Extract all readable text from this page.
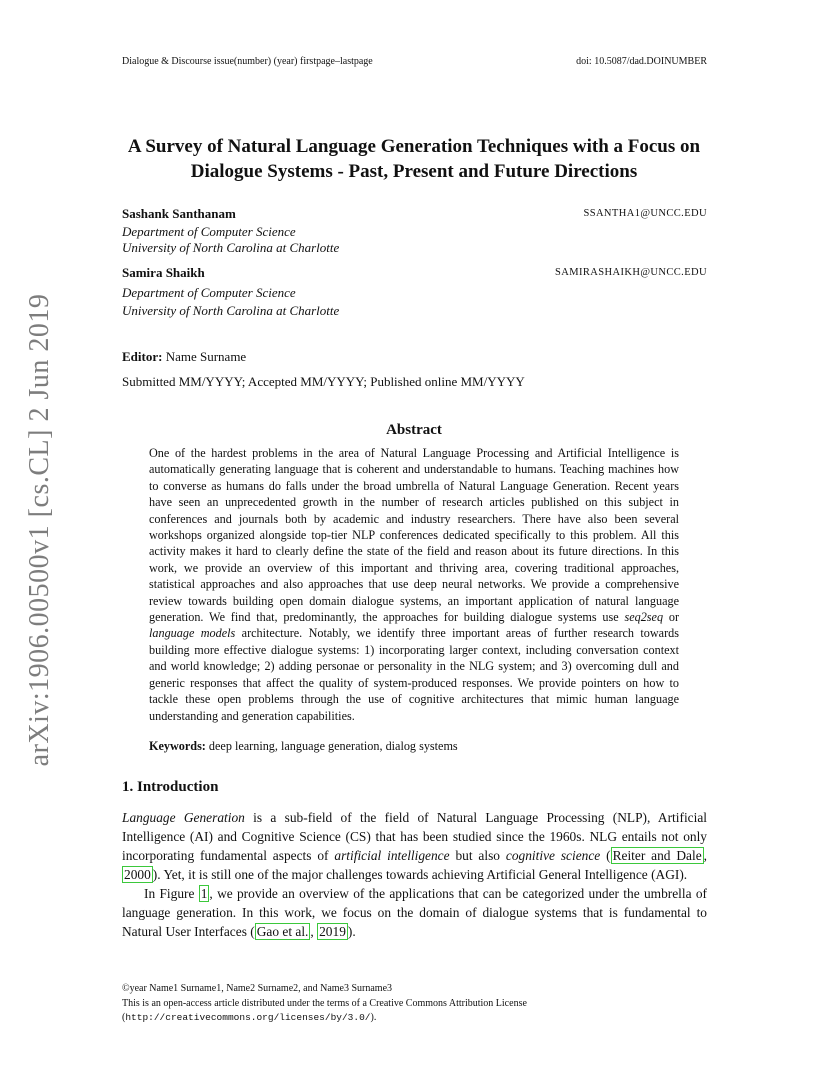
Dialogue & Discourse issue(number) (year) firstpage–lastpage	doi: 10.5087/dad.DOINUMBER
A Survey of Natural Language Generation Techniques with a Focus on
Dialogue Systems - Past, Present and Future Directions
Sashank Santhanam	SSANTHA1@UNCC.EDU
Department of Computer Science
University of North Carolina at Charlotte
Samira Shaikh	SAMIRASHAIKH@UNCC.EDU
Department of Computer Science
University of North Carolina at Charlotte
Editor: Name Surname
Submitted MM/YYYY; Accepted MM/YYYY; Published online MM/YYYY
Abstract
One of the hardest problems in the area of Natural Language Processing and Artificial Intelligence is automatically generating language that is coherent and understandable to humans. Teaching machines how to converse as humans do falls under the broad umbrella of Natural Language Generation. Recent years have seen an unprecedented growth in the number of research articles published on this subject in conferences and journals both by academic and industry researchers. There have also been several workshops organized alongside top-tier NLP conferences dedicated specifically to this problem. All this activity makes it hard to clearly define the state of the field and reason about its future directions. In this work, we provide an overview of this important and thriving area, covering traditional approaches, statistical approaches and also approaches that use deep neural networks. We provide a comprehensive review towards building open domain dialogue systems, an important application of natural language generation. We find that, predominantly, the approaches for building dialogue systems use seq2seq or language models architecture. Notably, we identify three important areas of further research towards building more effective dialogue systems: 1) incorporating larger context, including conversation context and world knowledge; 2) adding personae or personality in the NLG system; and 3) overcoming dull and generic responses that affect the quality of system-produced responses. We provide pointers on how to tackle these open problems through the use of cognitive architectures that mimic human language understanding and generation capabilities.
Keywords: deep learning, language generation, dialog systems
1. Introduction

Language Generation is a sub-field of the field of Natural Language Processing (NLP), Artificial Intelligence (AI) and Cognitive Science (CS) that has been studied since the 1960s. NLG entails not only incorporating fundamental aspects of artificial intelligence but also cognitive science ( Reiter and Dale , 2000 ). Yet, it is still one of the major challenges towards achieving Artificial General Intelligence (AGI).

In Figure 1 , we provide an overview of the applications that can be categorized under the umbrella of language generation. In this work, we focus on the domain of dialogue systems that is fundamental to Natural User Interfaces ( Gao et al. , 2019 ).

©year Name1 Surname1, Name2 Surname2, and Name3 Surname3
This is an open-access article distributed under the terms of a Creative Commons Attribution License
(http://creativecommons.org/licenses/by/3.0/).
arXiv:1906.00500v1 [cs.CL] 2 Jun 2019
